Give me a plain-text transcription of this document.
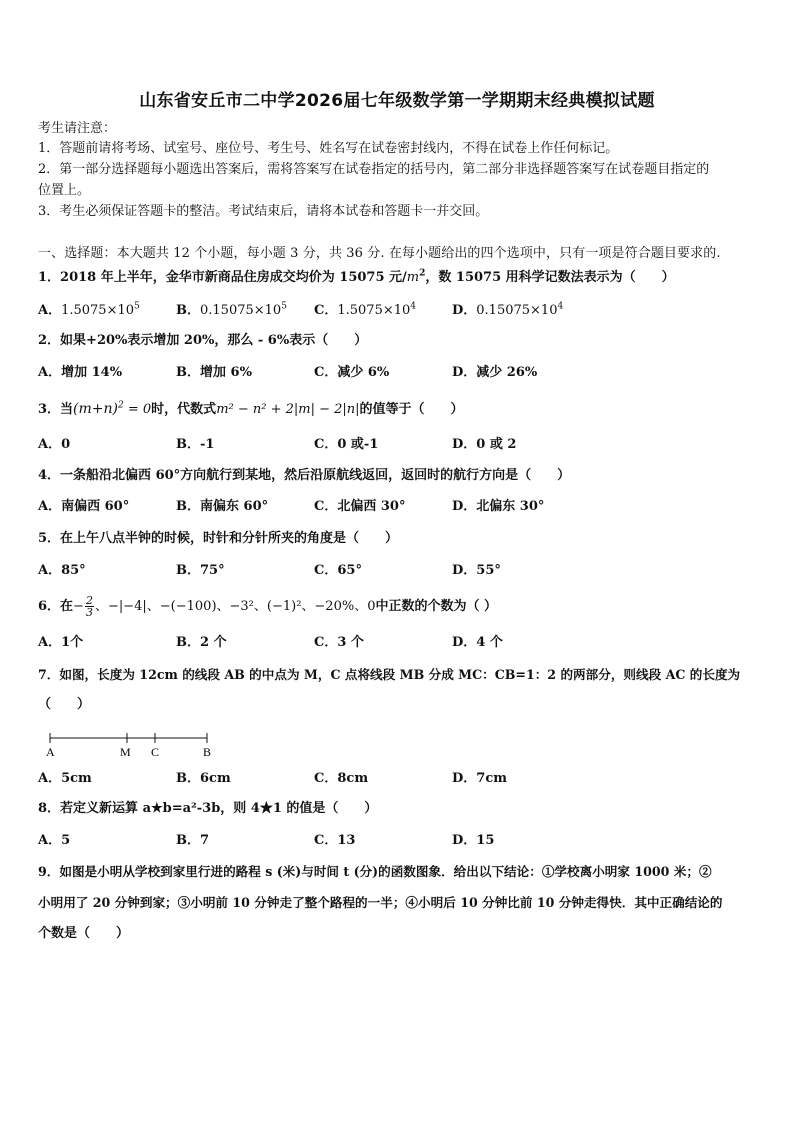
山东省安丘市二中学2026届七年级数学第一学期期末经典模拟试题
考生请注意：
1．答题前请将考场、试室号、座位号、考生号、姓名写在试卷密封线内，不得在试卷上作任何标记。
2．第一部分选择题每小题选出答案后，需将答案写在试卷指定的括号内，第二部分非选择题答案写在试卷题目指定的
位置上。
3．考生必须保证答题卡的整洁。考试结束后，请将本试卷和答题卡一并交回。
一、选择题：本大题共 12 个小题，每小题 3 分，共 36 分. 在每小题给出的四个选项中，只有一项是符合题目要求的.
1．2018 年上半年，金华市新商品住房成交均价为 15075 元$/m^2$，数 15075 用科学记数法表示为（　　）
A．$1.5075\times 10^5$	B．$0.15075\times 10^5$ C．$1.5075\times 10^4$	D．$0.15075\times 10^4$
2．如果+20%表示增加 20%，那么 - 6%表示（　　）
A．增加 14%	B．增加 6%	C．减少 6%	D．减少 26%
3．当$(m+n)^2 = 0$时，代数式m² − n² + 2|m| − 2|n|的值等于（　　）
A．0	B．-1	C．0 或-1	D．0 或 2
4．一条船沿北偏西 60°方向航行到某地，然后沿原航线返回，返回时的航行方向是（　　）
A．南偏西 60°	B．南偏东 60°	C．北偏西 30°	D．北偏东 30°
5．在上午八点半钟的时候，时针和分针所夹的角度是（　　）
A．85°	B．75°	C．65°	D．55°
6．在− $\frac{2}{3}$ 、−|−4|、−(−100)、−3²、(−1)²、−20%、0中正数的个数为（ ）
A．1个	B．2 个	C．3 个	D．4 个
7．如图，长度为 12cm 的线段 AB 的中点为 M，C 点将线段 MB 分成 MC：CB=1：2 的两部分，则线段 AC 的长度为
（　　）
A	M C	B
A．5cm	B．6cm	C．8cm	D．7cm
8．若定义新运算 a★b=a²-3b，则 4★1 的值是（　　）
A．5	B．7	C．13	D．15
9．如图是小明从学校到家里行进的路程 s (米)与时间 t (分)的函数图象．给出以下结论：①学校离小明家 1000 米；②
小明用了 20 分钟到家；③小明前 10 分钟走了整个路程的一半；④小明后 10 分钟比前 10 分钟走得快．其中正确结论的
个数是（　　）
